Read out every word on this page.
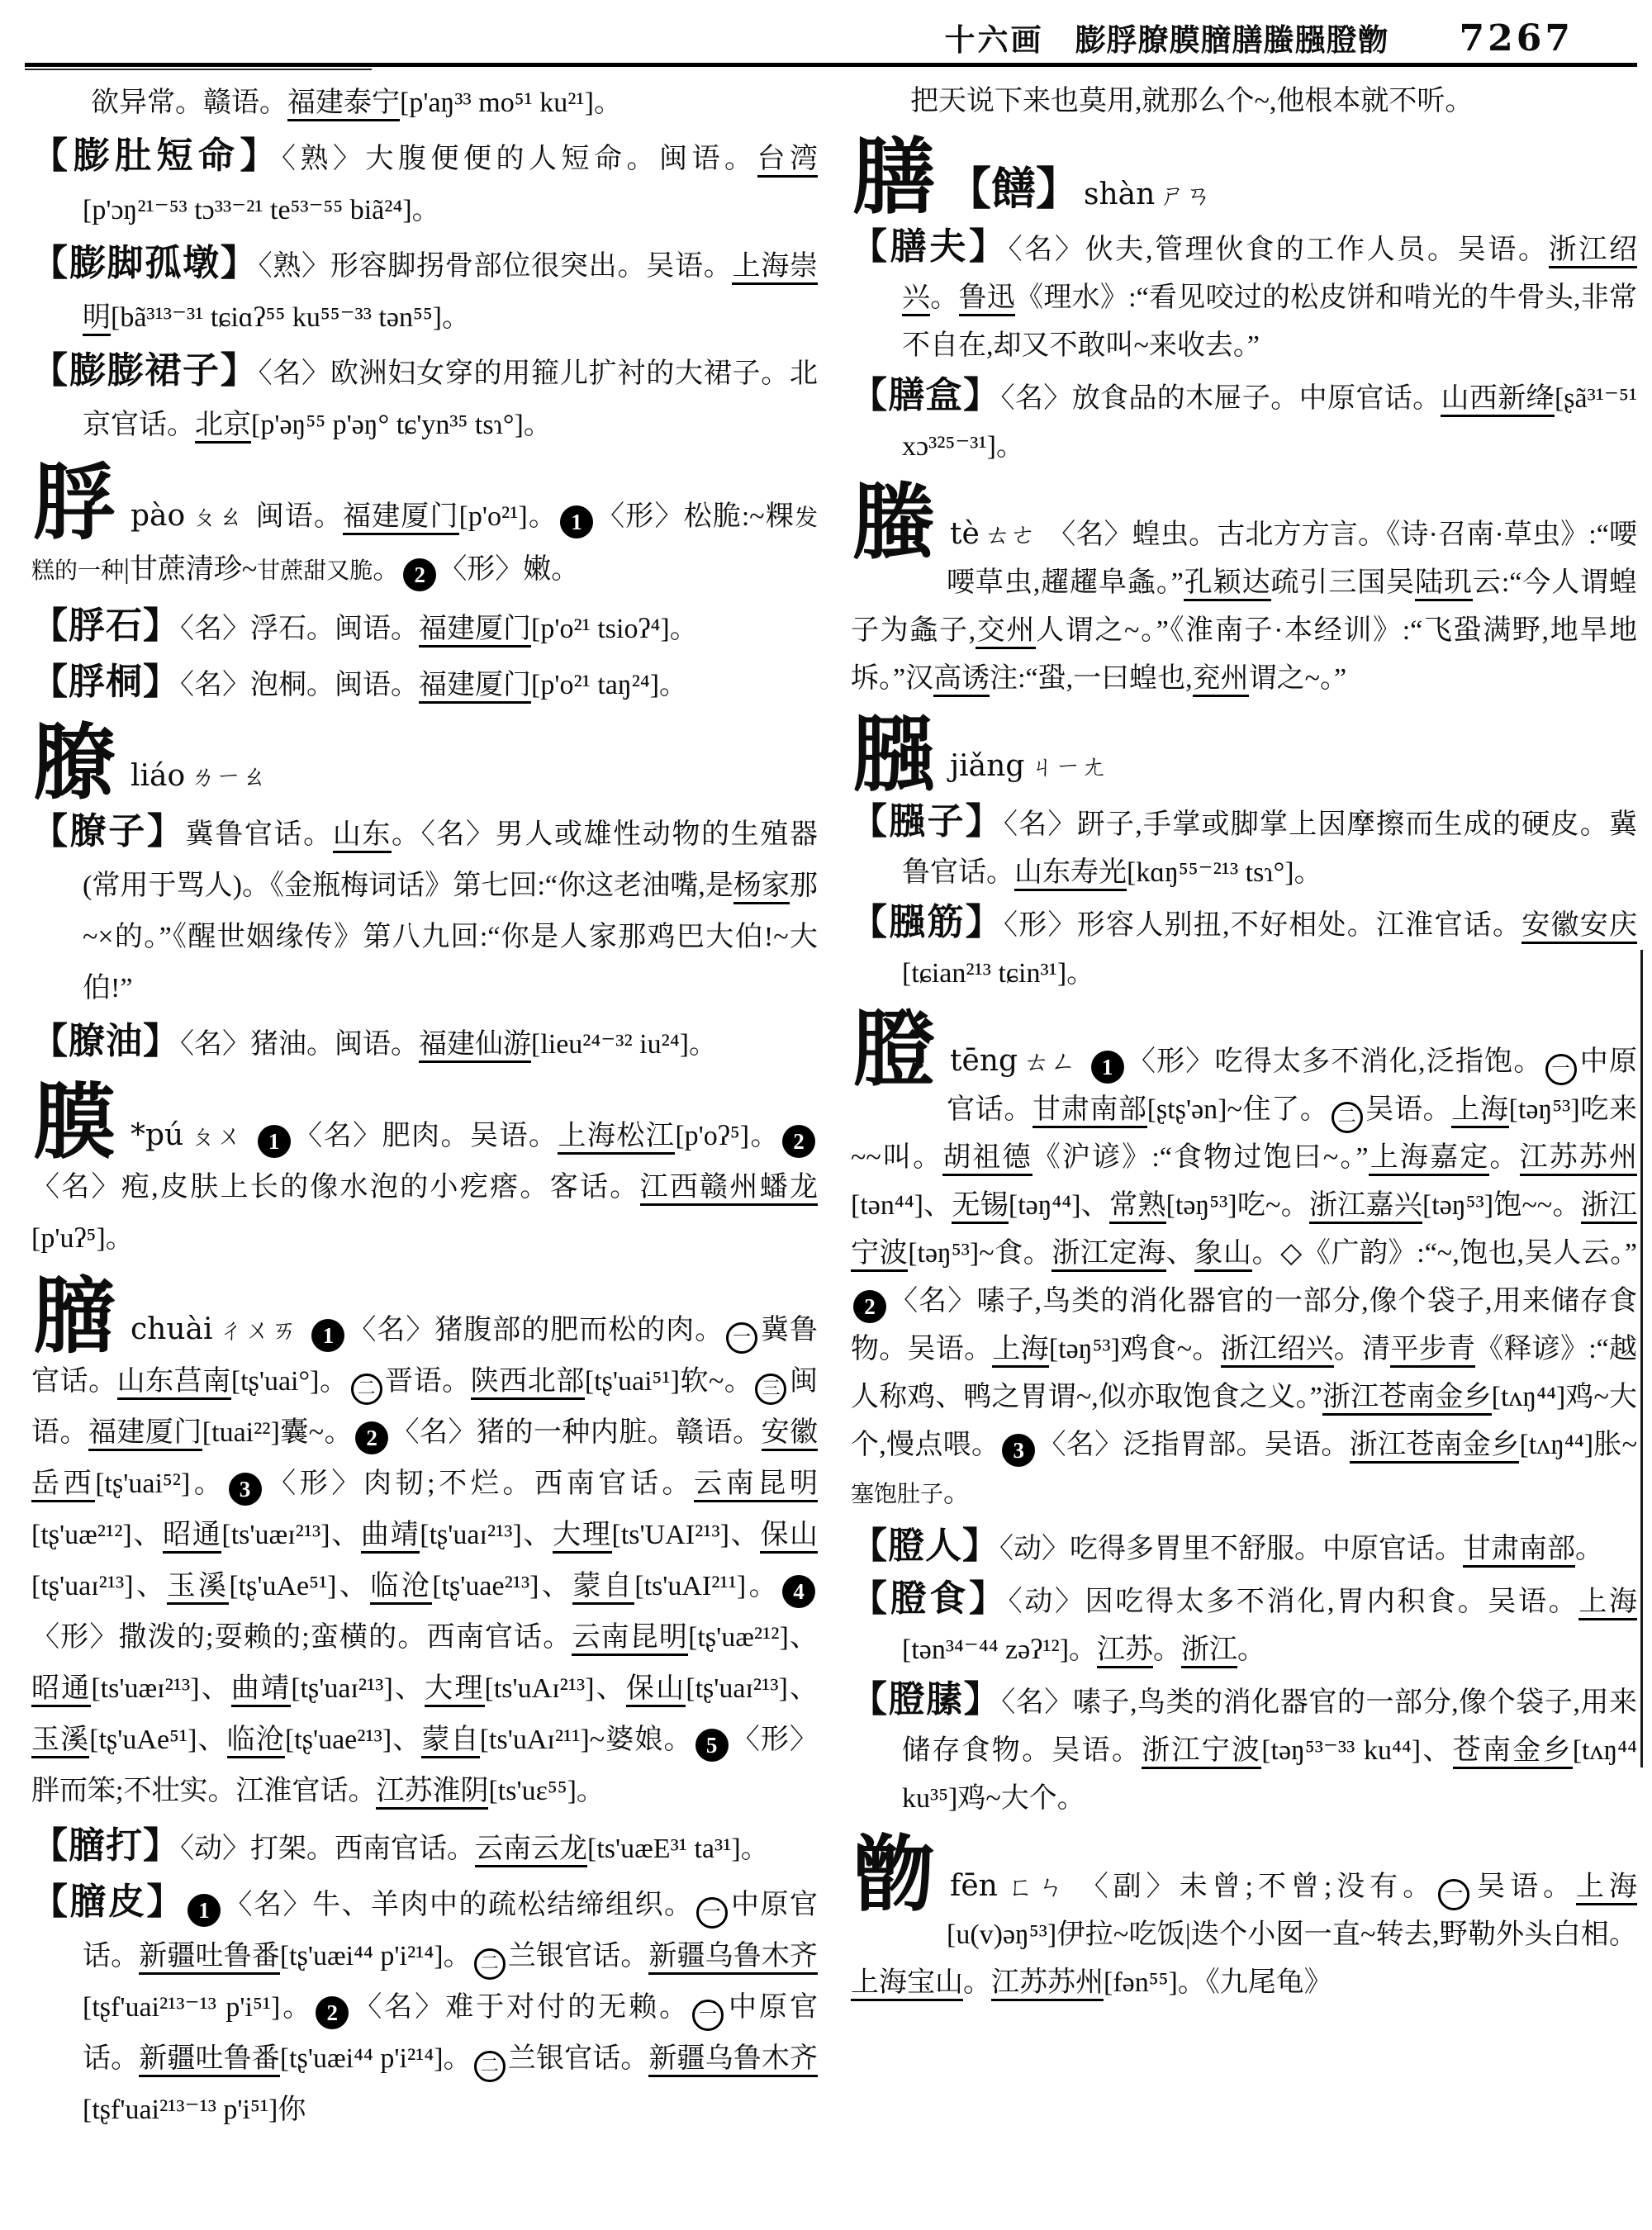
十六画 膨脬膫膜膪膳螣膙膯朆 7267

欲异常。赣语。福建泰宁[p'aŋ³³ mo⁵¹ ku²¹]。

【膨肚短命】〈熟〉大腹便便的人短命。闽语。台湾[p'ɔŋ²¹⁻⁵³ tɔ³³⁻²¹ te⁵³⁻⁵⁵ biã²⁴]。

【膨脚孤墩】〈熟〉形容脚拐骨部位很突出。吴语。上海崇明[bã³¹³⁻³¹ tɕiɑʔ⁵⁵ ku⁵⁵⁻³³ tən⁵⁵]。

【膨膨裙子】〈名〉欧洲妇女穿的用箍儿扩衬的大裙子。北京官话。北京[p'əŋ⁵⁵ p'əŋ° tɕ'yn³⁵ tsɿ°]。

脬pào ㄆㄠ 闽语。福建厦门[p'o²¹]。 1 〈形〉松脆:~粿发糕的一种|甘蔗清珍~甘蔗甜又脆。 2 〈形〉嫩。

【脬石】〈名〉浮石。闽语。福建厦门[p'o²¹ tsioʔ⁴]。

【脬桐】〈名〉泡桐。闽语。福建厦门[p'o²¹ taŋ²⁴]。

膫liáo ㄌㄧㄠ

【膫子】冀鲁官话。山东。〈名〉男人或雄性动物的生殖器(常用于骂人)。《金瓶梅词话》第七回:“你这老油嘴,是杨家那~×的。”《醒世姻缘传》第八九回:“你是人家那鸡巴大伯!~大伯!”

【膫油】〈名〉猪油。闽语。福建仙游[lieu²⁴⁻³² iu²⁴]。

膜 *pú ㄆㄨ 1 〈名〉肥肉。吴语。上海松江[p'oʔ⁵]。 2〈名〉疱,皮肤上长的像水泡的小疙瘩。客话。江西赣州蟠龙[p'uʔ⁵]。
膪chuài ㄔㄨㄞ 1 〈名〉猪腹部的肥而松的肉。 一 冀鲁官话。山东莒南[tʂ'uai°]。 二 晋语。陕西北部[tʂ'uai⁵¹]软~。 三 闽语。福建厦门[tuai²²]囊~。 2 〈名〉猪的一种内脏。赣语。安徽岳西[tʂ'uai⁵²]。 3 〈形〉肉韧;不烂。西南官话。云南昆明[tʂ'uæ²¹²]、昭通[ts'uæɪ²¹³]、曲靖[tʂ'uaɪ²¹³]、大理[ts'UAI²¹³]、保山[tʂ'uaɪ²¹³]、玉溪[tʂ'uAe⁵¹]、临沧[tʂ'uae²¹³]、蒙自[ts'uAI²¹¹]。 4〈形〉撒泼的;耍赖的;蛮横的。西南官话。云南昆明[tʂ'uæ²¹²]、昭通[ts'uæɪ²¹³]、曲靖[tʂ'uaɪ²¹³]、大理[ts'uAɪ²¹³]、保山[tʂ'uaɪ²¹³]、玉溪[tʂ'uAe⁵¹]、临沧[tʂ'uae²¹³]、蒙自[ts'uAɪ²¹¹]~婆娘。 5 〈形〉胖而笨;不壮实。江淮官话。江苏淮阴[ts'uɛ⁵⁵]。

【膪打】〈动〉打架。西南官话。云南云龙[ts'uæE³¹ ta³¹]。

【膪皮】 1 〈名〉牛、羊肉中的疏松结缔组织。 一 中原官话。新疆吐鲁番[tʂ'uæi⁴⁴ p'i²¹⁴]。 二 兰银官话。新疆乌鲁木齐[tʂf'uai²¹³⁻¹³ p'i⁵¹]。 2 〈名〉难于对付的无赖。 一 中原官话。新疆吐鲁番[tʂ'uæi⁴⁴ p'i²¹⁴]。 二 兰银官话。新疆乌鲁木齐[tʂf'uai²¹³⁻¹³ p'i⁵¹]你

把天说下来也莫用,就那么个~,他根本就不听。

膳 【饍】 shàn ㄕㄢ

【膳夫】〈名〉伙夫,管理伙食的工作人员。吴语。浙江绍兴。鲁迅《理水》:“看见咬过的松皮饼和啃光的牛骨头,非常不自在,却又不敢叫~来收去。”

【膳盒】〈名〉放食品的木屉子。中原官话。山西新绛[ʂã³¹⁻⁵¹ xɔ³²⁵⁻³¹]。

螣tè ㄊㄜ 〈名〉蝗虫。古北方方言。《诗·召南·草虫》:“喓喓草虫,趯趯阜螽。”孔颖达疏引三国吴陆玑云:“今人谓蝗子为螽子,交州人谓之~。”《淮南子·本经训》:“飞蛩满野,地旱地坼。”汉高诱注:“蛩,一曰蝗也,兖州谓之~。”
膙jiǎng ㄐㄧㄤ

【膙子】〈名〉趼子,手掌或脚掌上因摩擦而生成的硬皮。冀鲁官话。山东寿光[kɑŋ⁵⁵⁻²¹³ tsɿ°]。

【膙筋】〈形〉形容人别扭,不好相处。江淮官话。安徽安庆[tɕian²¹³ tɕin³¹]。

膯tēng ㄊㄥ 1 〈形〉吃得太多不消化,泛指饱。 一 中原官话。甘肃南部[ʂtʂ'ən]~住了。 二 吴语。上海[təŋ⁵³]吃来~~叫。胡祖德《沪谚》:“食物过饱曰~。”上海嘉定。江苏苏州[tən⁴⁴]、无锡[təŋ⁴⁴]、常熟[təŋ⁵³]吃~。浙江嘉兴[təŋ⁵³]饱~~。浙江宁波[təŋ⁵³]~食。浙江定海、象山。◇《广韵》:“~,饱也,吴人云。”2 〈名〉嗉子,鸟类的消化器官的一部分,像个袋子,用来储存食物。吴语。上海[təŋ⁵³]鸡食~。浙江绍兴。清平步青《释谚》:“越人称鸡、鸭之胃谓~,似亦取饱食之义。”浙江苍南金乡[tʌŋ⁴⁴]鸡~大个,慢点喂。 3 〈名〉泛指胃部。吴语。浙江苍南金乡[tʌŋ⁴⁴]胀~塞饱肚子。

【膯人】〈动〉吃得多胃里不舒服。中原官话。甘肃南部。

【膯食】〈动〉因吃得太多不消化,胃内积食。吴语。上海[tən³⁴⁻⁴⁴ zəʔ¹²]。江苏。浙江。

【膯膆】〈名〉嗉子,鸟类的消化器官的一部分,像个袋子,用来储存食物。吴语。浙江宁波[təŋ⁵³⁻³³ ku⁴⁴]、苍南金乡[tʌŋ⁴⁴ ku³⁵]鸡~大个。

朆fēn ㄈㄣ 〈副〉未曾;不曾;没有。 一 吴语。上海[u(v)əŋ⁵³]伊拉~吃饭|迭个小囡一直~转去,野勒外头白相。上海宝山。江苏苏州[fən⁵⁵]。《九尾龟》
